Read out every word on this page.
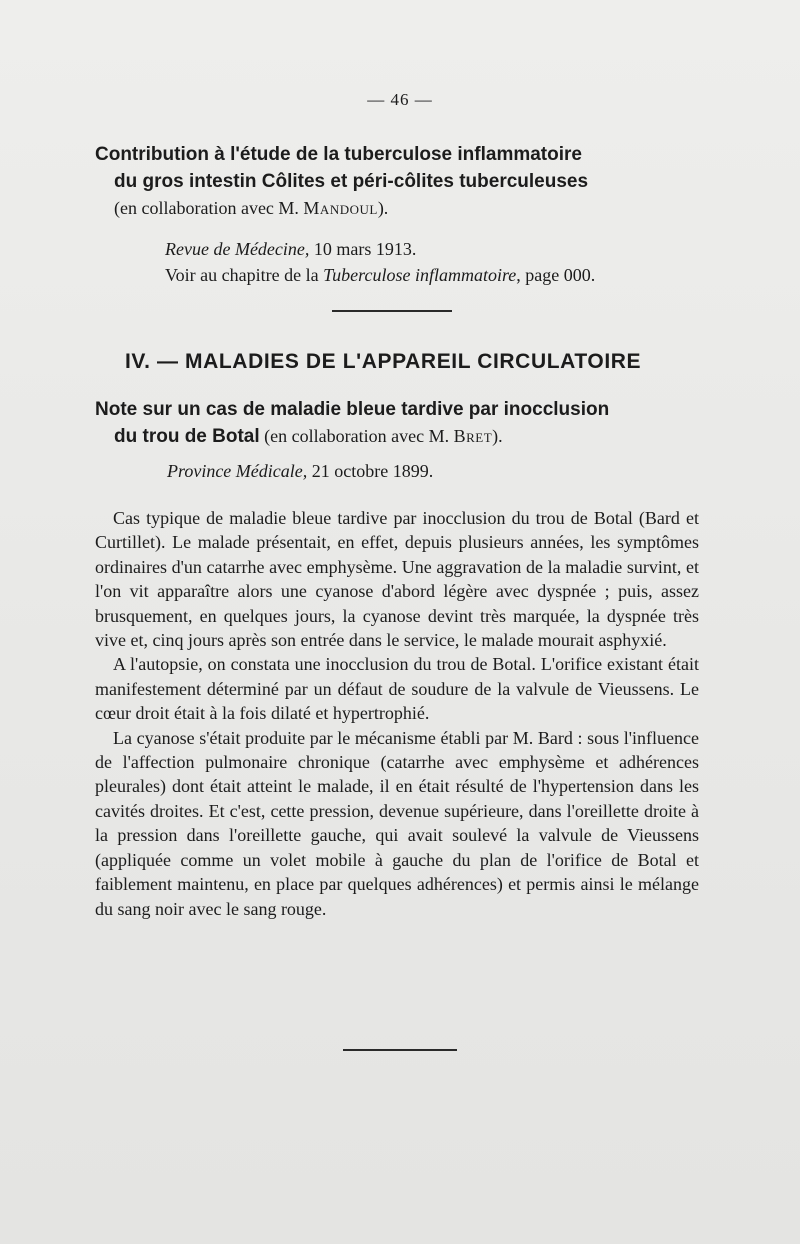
— 46 —

Contribution à l'étude de la tuberculose inflammatoire
du gros intestin Côlites et péri-côlites tuberculeuses
(en collaboration avec M. Mandoul).

Revue de Médecine, 10 mars 1913.

Voir au chapitre de la Tuberculose inflammatoire, page 000.

IV. — MALADIES DE L'APPAREIL CIRCULATOIRE

Note sur un cas de maladie bleue tardive par inocclusion
du trou de Botal (en collaboration avec M. Bret).

Province Médicale, 21 octobre 1899.

Cas typique de maladie bleue tardive par inocclusion du trou de Botal (Bard et Curtillet). Le malade présentait, en effet, depuis plusieurs années, les symptômes ordinaires d'un catarrhe avec emphysème. Une aggravation de la maladie survint, et l'on vit apparaître alors une cyanose d'abord légère avec dyspnée ; puis, assez brusquement, en quelques jours, la cyanose devint très marquée, la dyspnée très vive et, cinq jours après son entrée dans le service, le malade mourait asphyxié.

A l'autopsie, on constata une inocclusion du trou de Botal. L'orifice existant était manifestement déterminé par un défaut de soudure de la valvule de Vieussens. Le cœur droit était à la fois dilaté et hypertrophié.

La cyanose s'était produite par le mécanisme établi par M. Bard : sous l'influence de l'affection pulmonaire chronique (catarrhe avec emphysème et adhérences pleurales) dont était atteint le malade, il en était résulté de l'hypertension dans les cavités droites. Et c'est, cette pression, devenue supérieure, dans l'oreillette droite à la pression dans l'oreillette gauche, qui avait soulevé la valvule de Vieussens (appliquée comme un volet mobile à gauche du plan de l'orifice de Botal et faiblement maintenu, en place par quelques adhérences) et permis ainsi le mélange du sang noir avec le sang rouge.
